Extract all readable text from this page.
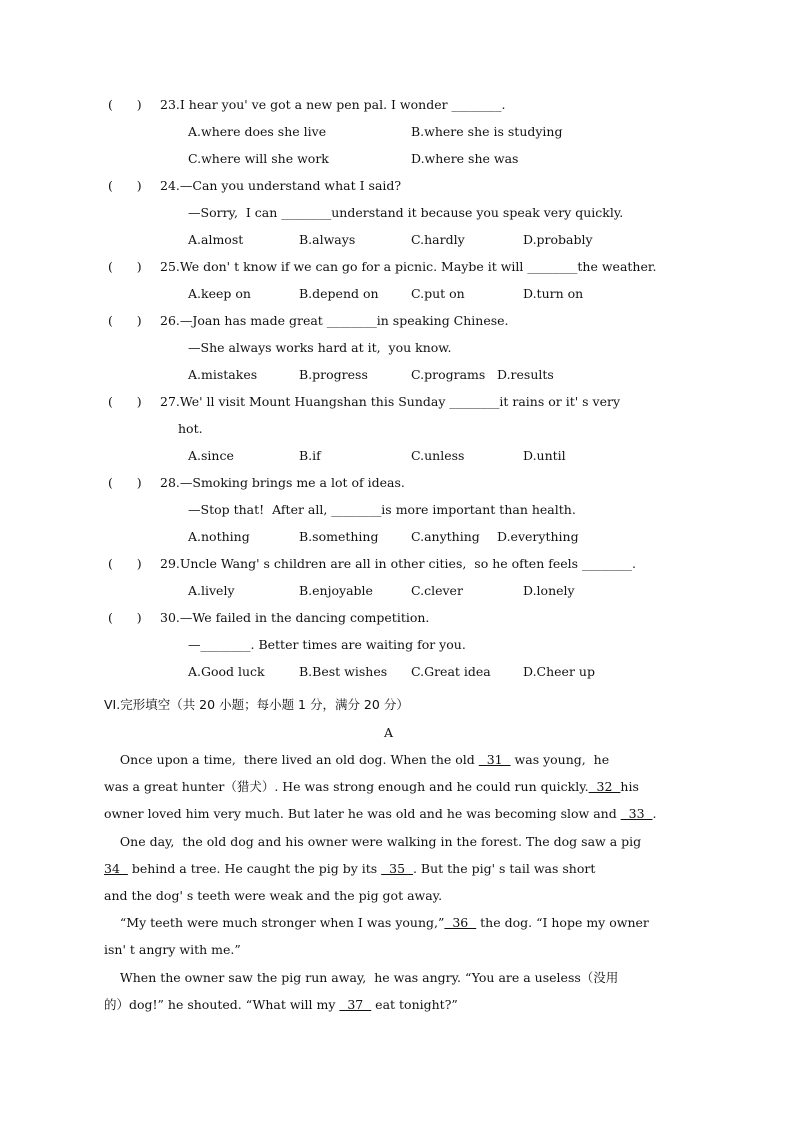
(      ) 23.I hear you' ve got a new pen pal. I wonder ________.
A.where does she live	B.where she is studying
C.where will she work	D.where she was
(      ) 24.—Can you understand what I said?
—Sorry,  I can ________understand it because you speak very quickly.
A.almost	B.always	C.hardly	D.probably
(      ) 25.We don' t know if we can go for a picnic. Maybe it will ________the weather.
A.keep on	B.depend on	C.put on	D.turn on
(      ) 26.—Joan has made great ________in speaking Chinese.
—She always works hard at it,  you know.
A.mistakes	B.progress	C.programs D.results
(      ) 27.We' ll visit Mount Huangshan this Sunday ________it rains or it' s very
hot.
A.since	B.if	C.unless	D.until
(      ) 28.—Smoking brings me a lot of ideas.
—Stop that!  After all, ________is more important than health.
A.nothing	B.something	C.anything D.everything
(      ) 29.Uncle Wang' s children are all in other cities,  so he often feels ________.
A.lively	B.enjoyable	C.clever	D.lonely
(      ) 30.—We failed in the dancing competition.
—________. Better times are waiting for you.
A.Good luck	B.Best wishes C.Great idea	D.Cheer up
VI.完形填空（共 20 小题；每小题 1 分，满分 20 分）
A
Once upon a time,  there lived an old dog. When the old   31   was young,  he
was a great hunter（猎犬）. He was strong enough and he could run quickly.  32  his
owner loved him very much. But later he was old and he was becoming slow and   33  .
One day,  the old dog and his owner were walking in the forest. The dog saw a pig
34   behind a tree. He caught the pig by its   35  . But the pig' s tail was short
and the dog' s teeth were weak and the pig got away.
“My teeth were much stronger when I was young,”  36   the dog. “I hope my owner
isn' t angry with me.”
When the owner saw the pig run away,  he was angry. “You are a useless（没用
的）dog!” he shouted. “What will my   37   eat tonight?”
